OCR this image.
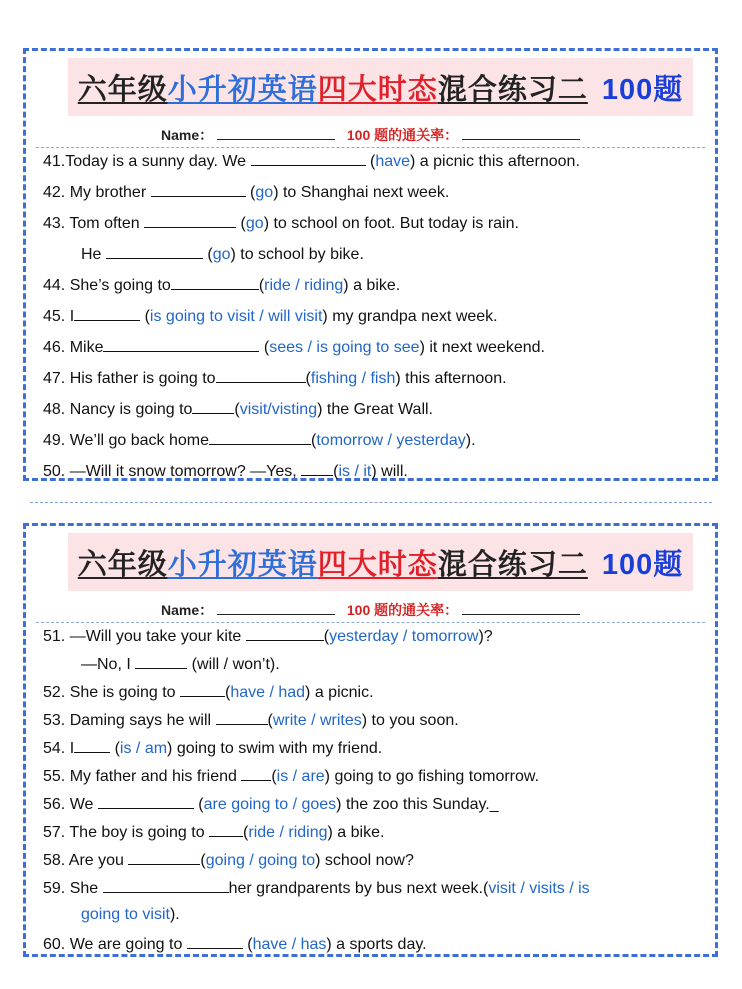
六年级 小升初英语 四大时态 混合练习二 100题
Name：	100 题的通关率：
41.Today is a sunny day. We	(have) a picnic this afternoon.
42. My brother	(go) to Shanghai next week.
43. Tom often	(go) to school on foot. But today is rain.
He	(go) to school by bike.
44. She’s going to	(ride / riding) a bike.
45. I	(is going to visit / will visit) my grandpa next week.
46. Mike	(sees / is going to see) it next weekend.
47. His father is going to	(fishing / fish) this afternoon.
48. Nancy is going to	(visit/visting) the Great Wall.
49. We’ll go back home	(tomorrow / yesterday).
50. —Will it snow tomorrow? —Yes, (is / it) will.
六年级 小升初英语 四大时态 混合练习二 100题
Name：	100 题的通关率：
51. —Will you take your kite	(yesterday / tomorrow)?
—No, I	(will / won’t).
52. She is going to	(have / had) a picnic.
53. Daming says he will	(write / writes) to you soon.
54. I (is / am) going to swim with my friend.
55. My father and his friend (is / are) going to go fishing tomorrow.
56. We	(are going to / goes) the zoo this Sunday._
57. The boy is going to (ride / riding) a bike.
58. Are you	(going / going to) school now?
59. She	her grandparents by bus next week.(visit / visits / is
going to visit).
60. We are going to	(have / has) a sports day.
